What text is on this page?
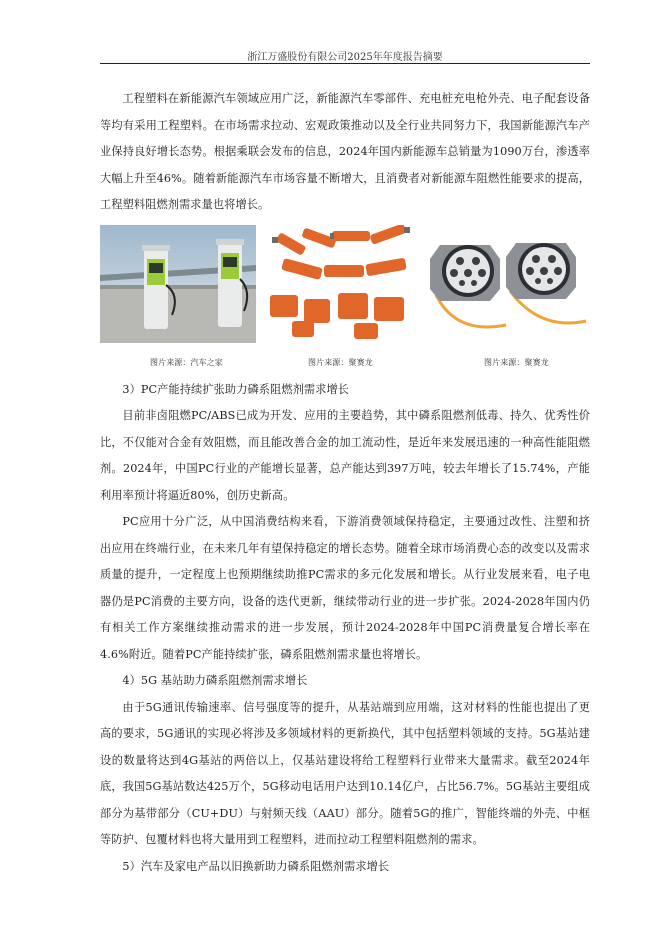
浙江万盛股份有限公司2025年年度报告摘要

工程塑料在新能源汽车领域应用广泛，新能源汽车零部件、充电桩充电枪外壳、电子配套设备等均有采用工程塑料。在市场需求拉动、宏观政策推动以及全行业共同努力下，我国新能源汽车产业保持良好增长态势。根据乘联会发布的信息，2024年国内新能源车总销量为1090万台，渗透率大幅上升至46%。随着新能源汽车市场容量不断增大，且消费者对新能源车阻燃性能要求的提高，工程塑料阻燃剂需求量也将增长。

图片来源：汽车之家	图片来源：聚赛龙	图片来源：聚赛龙

3）PC产能持续扩张助力磷系阻燃剂需求增长

目前非卤阻燃PC/ABS已成为开发、应用的主要趋势，其中磷系阻燃剂低毒、持久、优秀性价比，不仅能对合金有效阻燃，而且能改善合金的加工流动性，是近年来发展迅速的一种高性能阻燃剂。2024年，中国PC行业的产能增长显著，总产能达到397万吨，较去年增长了15.74%，产能利用率预计将逼近80%，创历史新高。

PC应用十分广泛，从中国消费结构来看，下游消费领域保持稳定，主要通过改性、注塑和挤出应用在终端行业，在未来几年有望保持稳定的增长态势。随着全球市场消费心态的改变以及需求质量的提升，一定程度上也预期继续助推PC需求的多元化发展和增长。从行业发展来看，电子电器仍是PC消费的主要方向，设备的迭代更新，继续带动行业的进一步扩张。2024-2028年国内仍有相关工作方案继续推动需求的进一步发展，预计2024-2028年中国PC消费量复合增长率在4.6%附近。随着PC产能持续扩张，磷系阻燃剂需求量也将增长。

4）5G 基站助力磷系阻燃剂需求增长

由于5G通讯传输速率、信号强度等的提升，从基站端到应用端，这对材料的性能也提出了更高的要求，5G通讯的实现必将涉及多领域材料的更新换代，其中包括塑料领域的支持。5G基站建设的数量将达到4G基站的两倍以上，仅基站建设将给工程塑料行业带来大量需求。截至2024年底，我国5G基站数达425万个，5G移动电话用户达到10.14亿户，占比56.7%。5G基站主要组成部分为基带部分（CU+DU）与射频天线（AAU）部分。随着5G的推广，智能终端的外壳、中框等防护、包覆材料也将大量用到工程塑料，进而拉动工程塑料阻燃剂的需求。

5）汽车及家电产品以旧换新助力磷系阻燃剂需求增长
